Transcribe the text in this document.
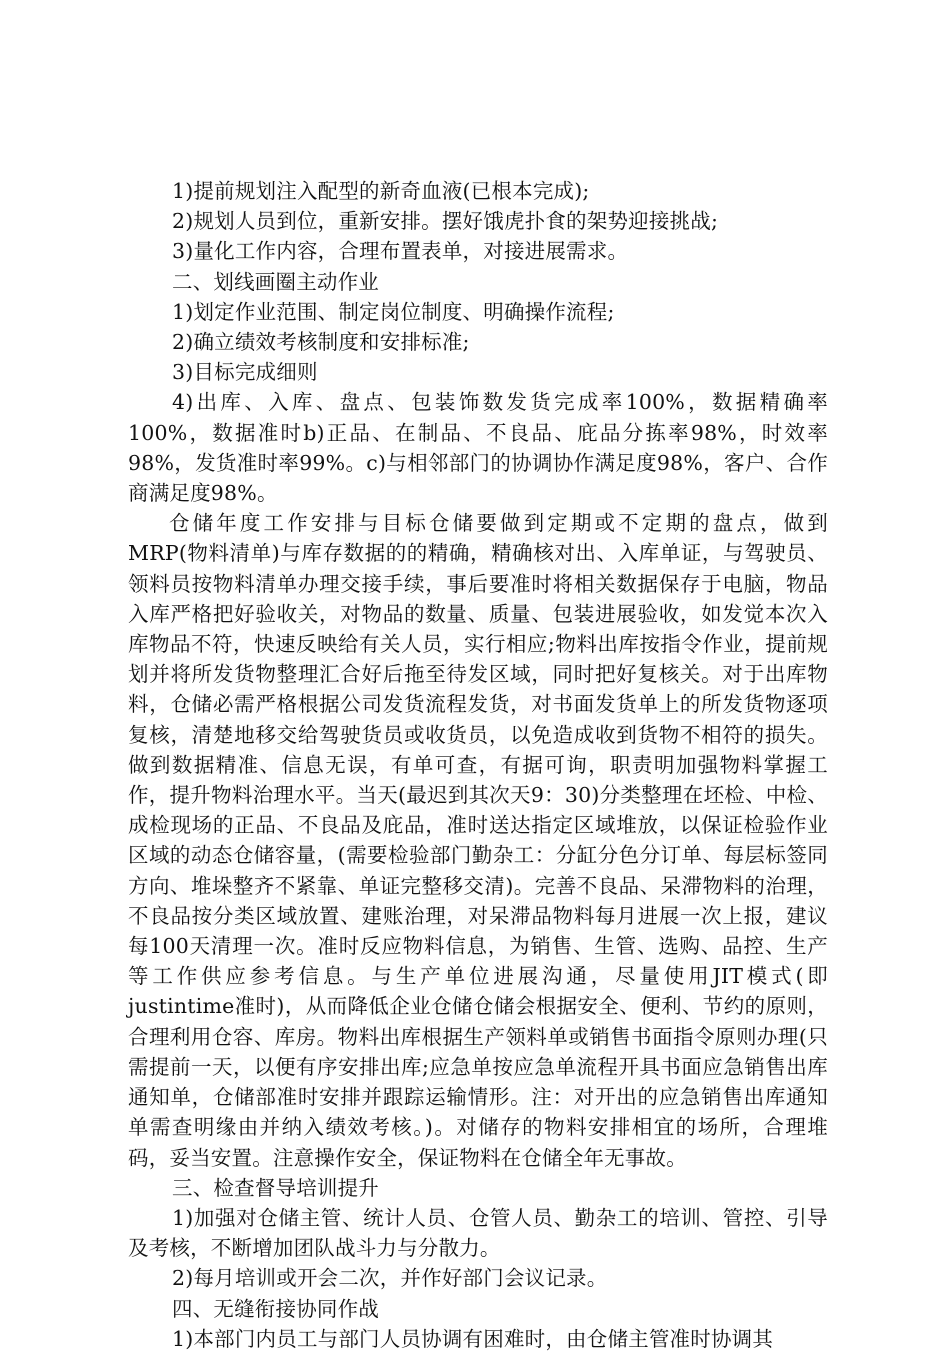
1)提前规划注入配型的新奇血液(已根本完成);

2)规划人员到位，重新安排。摆好饿虎扑食的架势迎接挑战;

3)量化工作内容，合理布置表单，对接进展需求。

二、划线画圈主动作业

1)划定作业范围、制定岗位制度、明确操作流程;

2)确立绩效考核制度和安排标准;

3)目标完成细则

4)出库、入库、盘点、包装饰数发货完成率100%，数据精确率100%，数据准时b)正品、在制品、不良品、庇品分拣率98%，时效率98%，发货准时率99%。c)与相邻部门的协调协作满足度98%，客户、合作商满足度98%。

仓储年度工作安排与目标仓储要做到定期或不定期的盘点，做到MRP(物料清单)与库存数据的的精确，精确核对出、入库单证，与驾驶员、领料员按物料清单办理交接手续，事后要准时将相关数据保存于电脑，物品入库严格把好验收关，对物品的数量、质量、包装进展验收，如发觉本次入库物品不符，快速反映给有关人员，实行相应;物料出库按指令作业，提前规划并将所发货物整理汇合好后拖至待发区域，同时把好复核关。对于出库物料，仓储必需严格根据公司发货流程发货，对书面发货单上的所发货物逐项复核，清楚地移交给驾驶货员或收货员，以免造成收到货物不相符的损失。做到数据精准、信息无误，有单可查，有据可询，职责明加强物料掌握工作，提升物料治理水平。当天(最迟到其次天9：30)分类整理在坯检、中检、成检现场的正品、不良品及庇品，准时送达指定区域堆放，以保证检验作业区域的动态仓储容量，(需要检验部门勤杂工：分缸分色分订单、每层标签同方向、堆垛整齐不紧靠、单证完整移交清)。完善不良品、呆滞物料的治理，不良品按分类区域放置、建账治理，对呆滞品物料每月进展一次上报，建议每100天清理一次。准时反应物料信息，为销售、生管、选购、品控、生产等工作供应参考信息。与生产单位进展沟通，尽量使用JIT模式(即justintime准时)，从而降低企业仓储仓储会根据安全、便利、节约的原则，合理利用仓容、库房。物料出库根据生产领料单或销售书面指令原则办理(只需提前一天，以便有序安排出库;应急单按应急单流程开具书面应急销售出库通知单，仓储部准时安排并跟踪运输情形。注：对开出的应急销售出库通知单需查明缘由并纳入绩效考核。)。对储存的物料安排相宜的场所，合理堆码，妥当安置。注意操作安全，保证物料在仓储全年无事故。

三、检查督导培训提升

1)加强对仓储主管、统计人员、仓管人员、勤杂工的培训、管控、引导及考核，不断增加团队战斗力与分散力。

2)每月培训或开会二次，并作好部门会议记录。

四、无缝衔接协同作战

1)本部门内员工与部门人员协调有困难时，由仓储主管准时协调其
